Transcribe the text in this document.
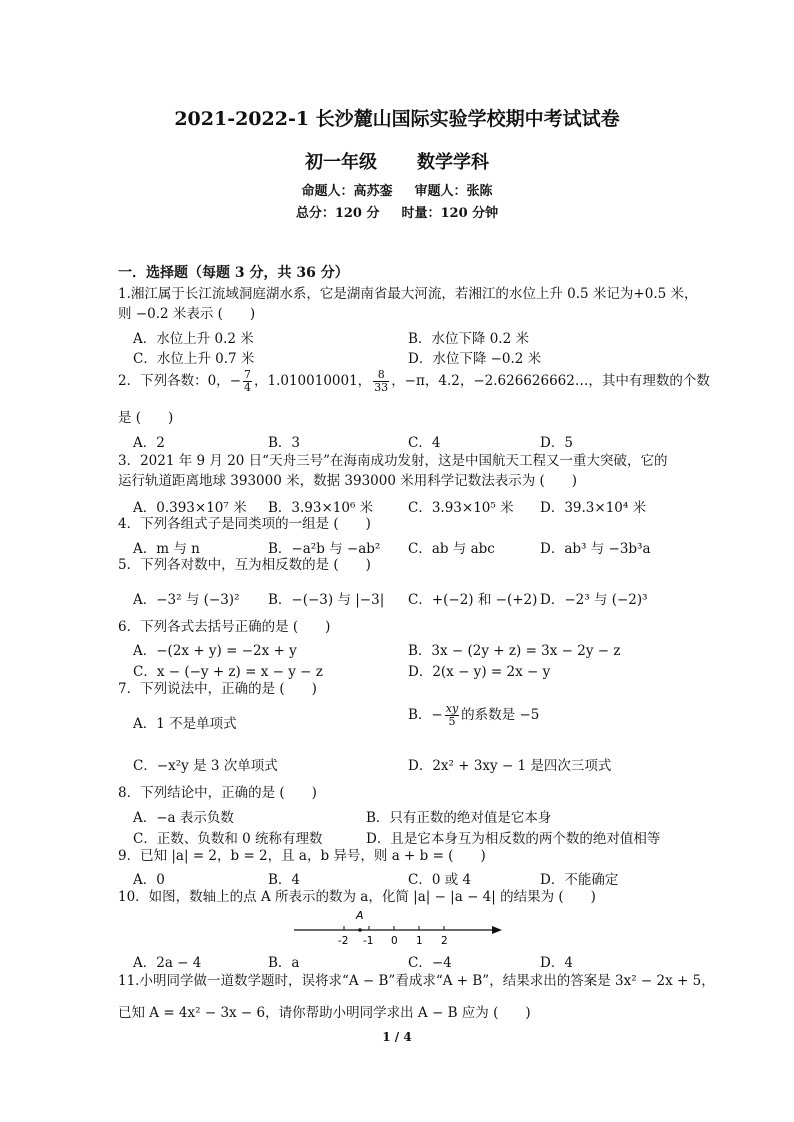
2021-2022-1 长沙麓山国际实验学校期中考试试卷
初一年级 数学学科
命题人：高苏銮 审题人：张陈
总分：120 分 时量：120 分钟
一．选择题（每题 3 分，共 36 分）
1.湘江属于长江流域洞庭湖水系，它是湖南省最大河流，若湘江的水位上升 0.5 米记为+0.5 米，
则 −0.2 米表示 (　　)
A．水位上升 0.2 米	B．水位下降 0.2 米
C．水位上升 0.7 米	D．水位下降 −0.2 米
2．下列各数：0，− $\frac{7}{4}$ ，1.010010001， $\frac{8}{33}$ ，−π，4.2，−2.626626662…，其中有理数的个数
是 (　　)
A．2	B．3	C．4	D．5
3．2021 年 9 月 20 日“天舟三号”在海南成功发射，这是中国航天工程又一重大突破，它的
运行轨道距离地球 393000 米，数据 393000 米用科学记数法表示为 (　　)
A．0.393×10⁷ 米 B．3.93×10⁶ 米	C．3.93×10⁵ 米 D．39.3×10⁴ 米
4．下列各组式子是同类项的一组是 (　　)
A．m 与 n	B．−a²b 与 −ab² C．ab 与 abc	D．ab³ 与 −3b³a
5．下列各对数中，互为相反数的是 (　　)
A．−3² 与 (−3)² B．−(−3) 与 |−3| C．+(−2) 和 −(+2) D．−2³ 与 (−2)³
6．下列各式去括号正确的是 (　　)
A．−(2x + y) = −2x + y	B．3x − (2y + z) = 3x − 2y − z
C．x − (−y + z) = x − y − z	D．2(x − y) = 2x − y
7．下列说法中，正确的是 (　　)
A．1 不是单项式
B．− $\frac{xy}{5}$ 的系数是 −5
C．−x²y 是 3 次单项式	D．2x² + 3xy − 1 是四次三项式
8．下列结论中，正确的是 (　　)
A．−a 表示负数	B．只有正数的绝对值是它本身
C．正数、负数和 0 统称有理数	D．且是它本身互为相反数的两个数的绝对值相等
9．已知 |a| = 2，b = 2，且 a，b 异号，则 a + b = (　　)
A．0	B．4	C．0 或 4	D．不能确定
10．如图，数轴上的点 A 所表示的数为 a，化简 |a| − |a − 4| 的结果为 (　　)
A
-2 -1 0 1 2
A．2a − 4	B．a	C．−4	D．4
11.小明同学做一道数学题时，误将求“A − B”看成求“A + B”，结果求出的答案是 3x² − 2x + 5，
已知 A = 4x² − 3x − 6，请你帮助小明同学求出 A − B 应为 (　　)
1 / 4
